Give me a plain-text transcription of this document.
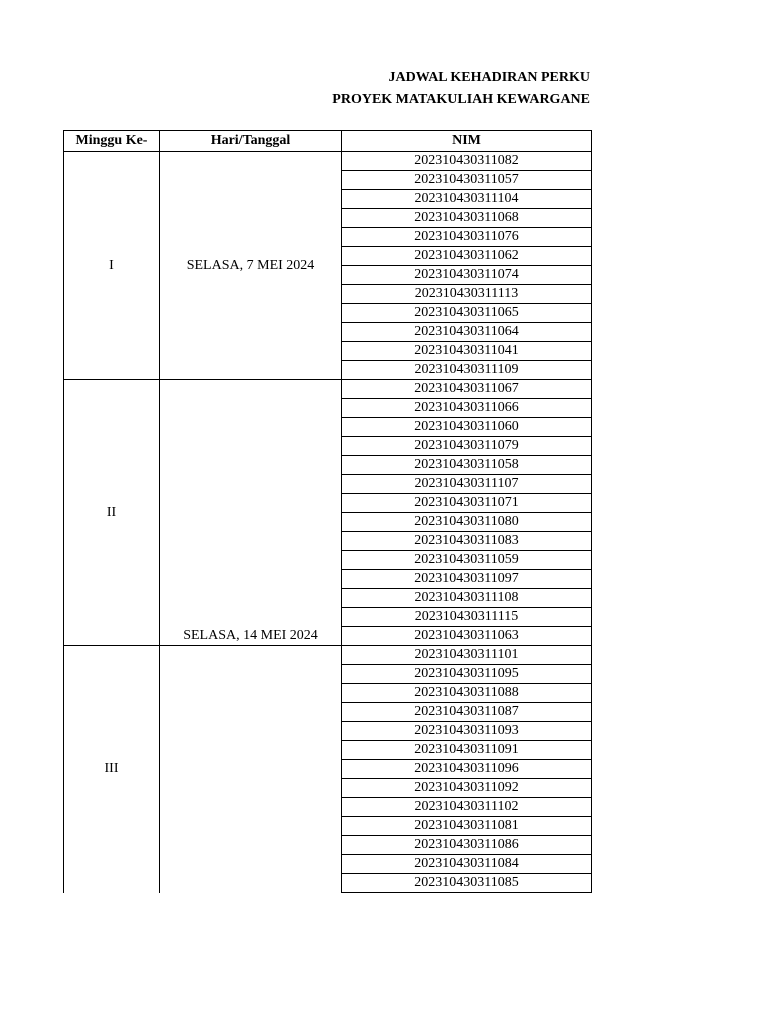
JADWAL KEHADIRAN PERKU
PROYEK MATAKULIAH KEWARGANE
Minggu Ke-	Hari/Tanggal	NIM
I	SELASA, 7 MEI 2024	202310430311082
		202310430311057
		202310430311104
		202310430311068
		202310430311076
		202310430311062
		202310430311074
		202310430311113
		202310430311065
		202310430311064
		202310430311041
		202310430311109
II	SELASA, 14 MEI 2024	202310430311067
		202310430311066
		202310430311060
		202310430311079
		202310430311058
		202310430311107
		202310430311071
		202310430311080
		202310430311083
		202310430311059
		202310430311097
		202310430311108
		202310430311115
		202310430311063
III		202310430311101
		202310430311095
		202310430311088
		202310430311087
		202310430311093
		202310430311091
		202310430311096
		202310430311092
		202310430311102
		202310430311081
		202310430311086
		202310430311084
		202310430311085
